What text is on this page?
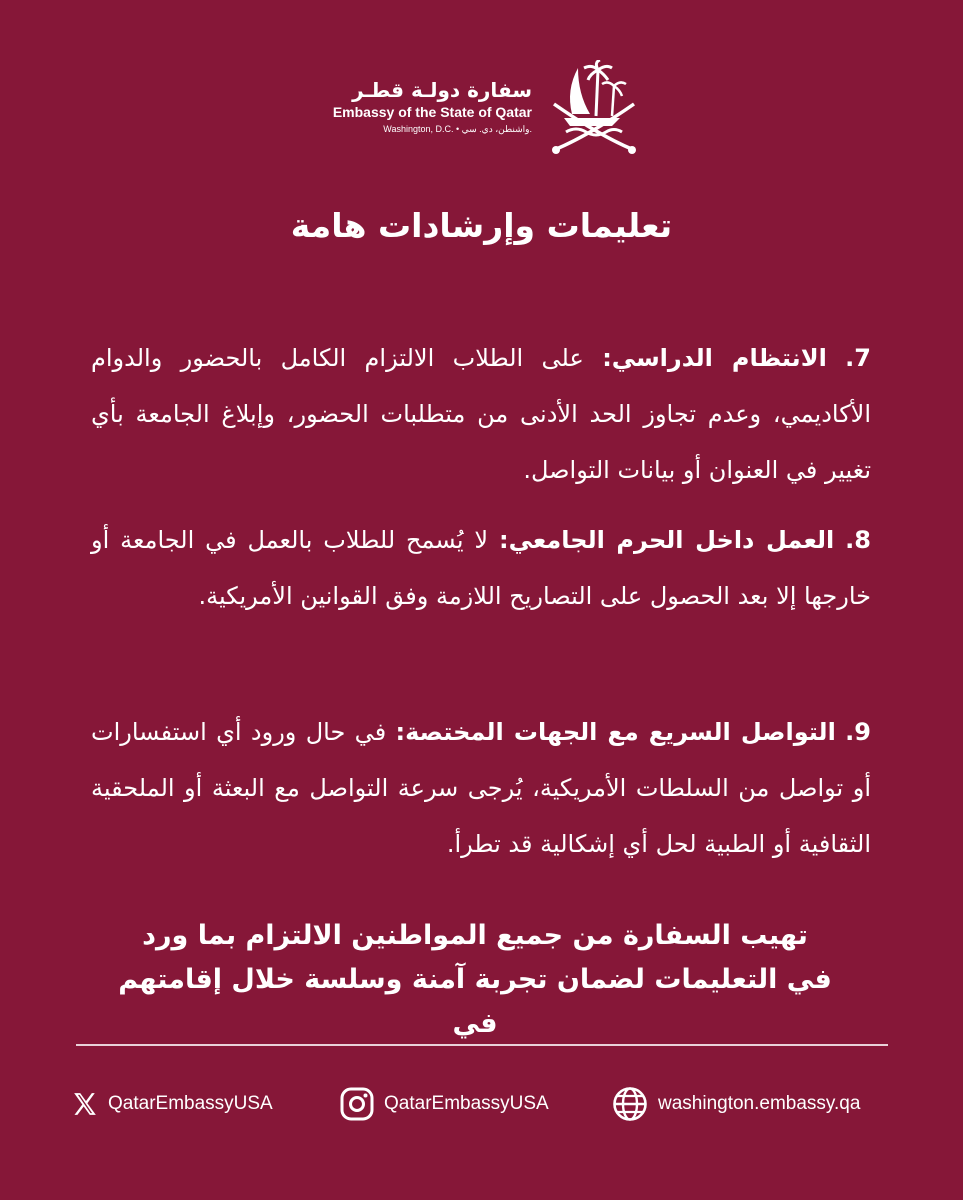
سفارة دولـة قطـر
Embassy of the State of Qatar
Washington, D.C. • واشنطن، دي. سي.
تعليمات وإرشادات هامة
7. الانتظام الدراسي: على الطلاب الالتزام الكامل بالحضور والدوام الأكاديمي، وعدم تجاوز الحد الأدنى من متطلبات الحضور، وإبلاغ الجامعة بأي تغيير في العنوان أو بيانات التواصل.
8. العمل داخل الحرم الجامعي: لا يُسمح للطلاب بالعمل في الجامعة أو خارجها إلا بعد الحصول على التصاريح اللازمة وفق القوانين الأمريكية.
9. التواصل السريع مع الجهات المختصة: في حال ورود أي استفسارات أو تواصل من السلطات الأمريكية، يُرجى سرعة التواصل مع البعثة أو الملحقية الثقافية أو الطبية لحل أي إشكالية قد تطرأ.
تهيب السفارة من جميع المواطنين الالتزام بما ورد في التعليمات لضمان تجربة آمنة وسلسة خلال إقامتهم في
QatarEmbassyUSA	QatarEmbassyUSA	washington.embassy.qa
